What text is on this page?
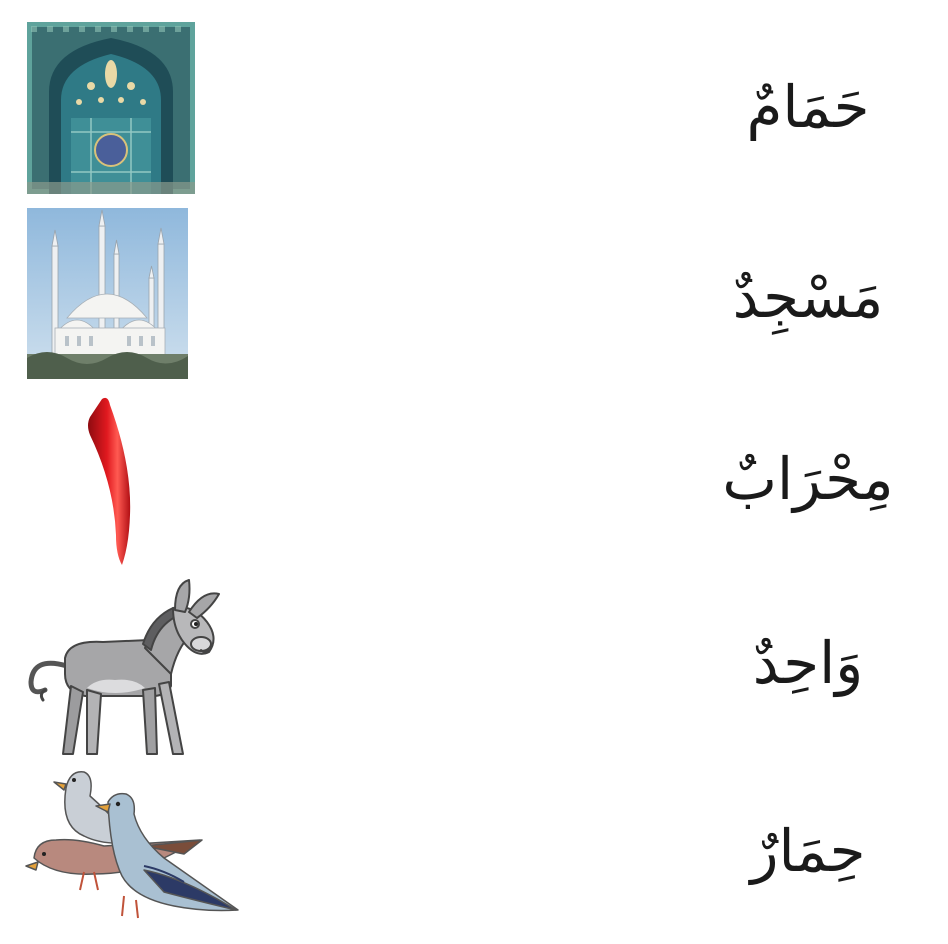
حَمَامٌ
مَسْجِدٌ
مِحْرَابٌ
وَاحِدٌ
حِمَارٌ
